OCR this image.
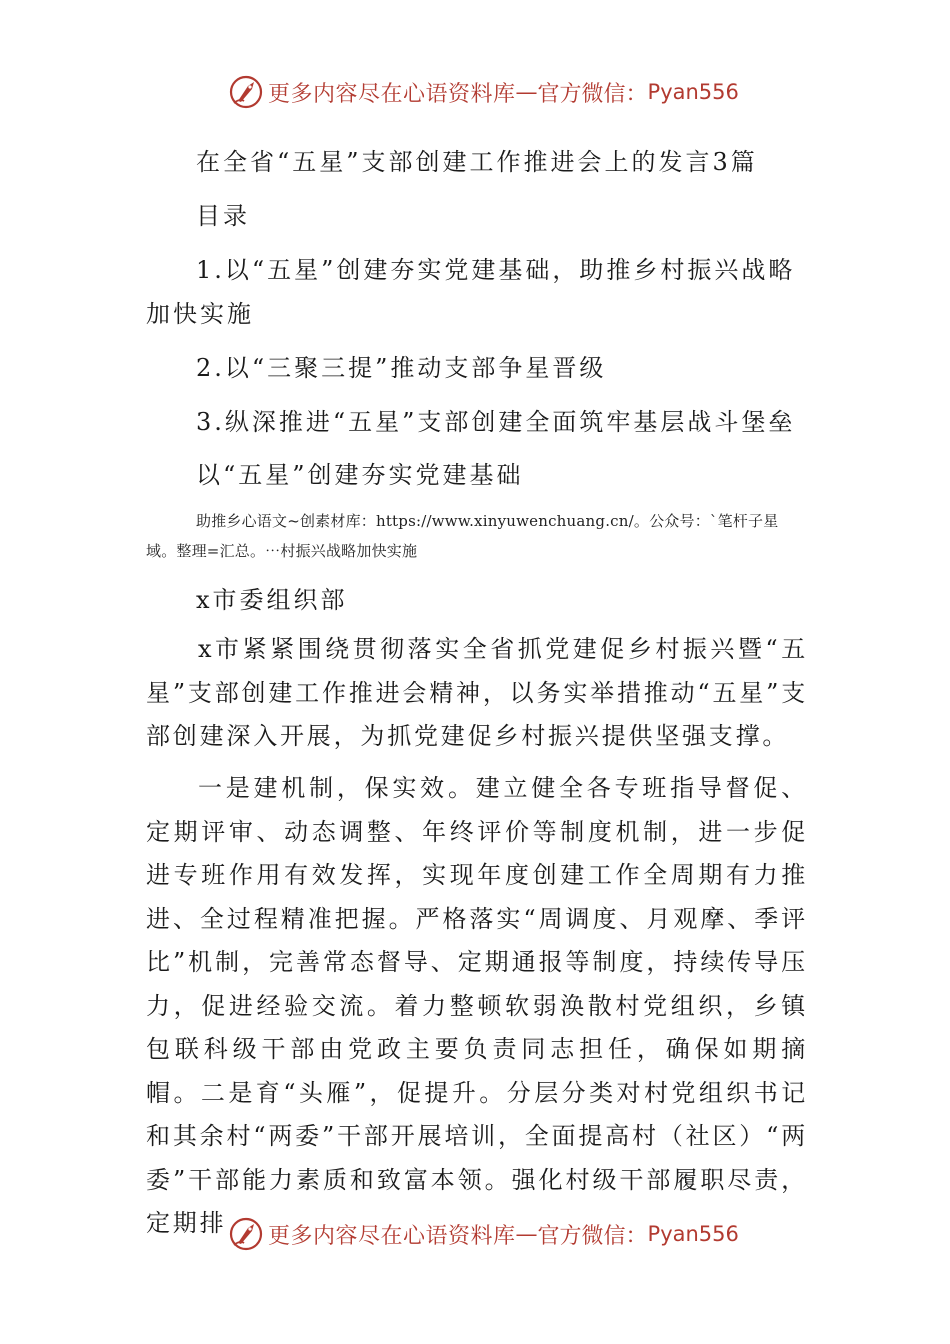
更多内容尽在心语资料库 — 官方微信： Pyan556
在全省“五星”支部创建工作推进会上的发言3篇
目录
1.以“五星”创建夯实党建基础，助推乡村振兴战略
加快实施
2.以“三聚三提”推动支部争星晋级
3.纵深推进“五星”支部创建全面筑牢基层战斗堡垒
以“五星”创建夯实党建基础
助推乡心语文~创素材库：https://www.xinyuwenchuang.cn/。公众号：`笔杆子星
域。整理=汇总。⋯村振兴战略加快实施
x市委组织部
x市紧紧围绕贯彻落实全省抓党建促乡村振兴暨“五星”支部创建工作推进会精神，以务实举措推动“五星”支部创建深入开展，为抓党建促乡村振兴提供坚强支撑。
一是建机制，保实效。建立健全各专班指导督促、定期评审、动态调整、年终评价等制度机制，进一步促进专班作用有效发挥，实现年度创建工作全周期有力推进、全过程精准把握。严格落实“周调度、月观摩、季评比”机制，完善常态督导、定期通报等制度，持续传导压力，促进经验交流。着力整顿软弱涣散村党组织，乡镇包联科级干部由党政主要负责同志担任，确保如期摘帽。二是育“头雁”，促提升。分层分类对村党组织书记和其余村“两委”干部开展培训，全面提高村（社区）“两委”干部能力素质和致富本领。强化村级干部履职尽责，定期排	更多内容尽在心语资料库 — 官方微信： Pyan556
